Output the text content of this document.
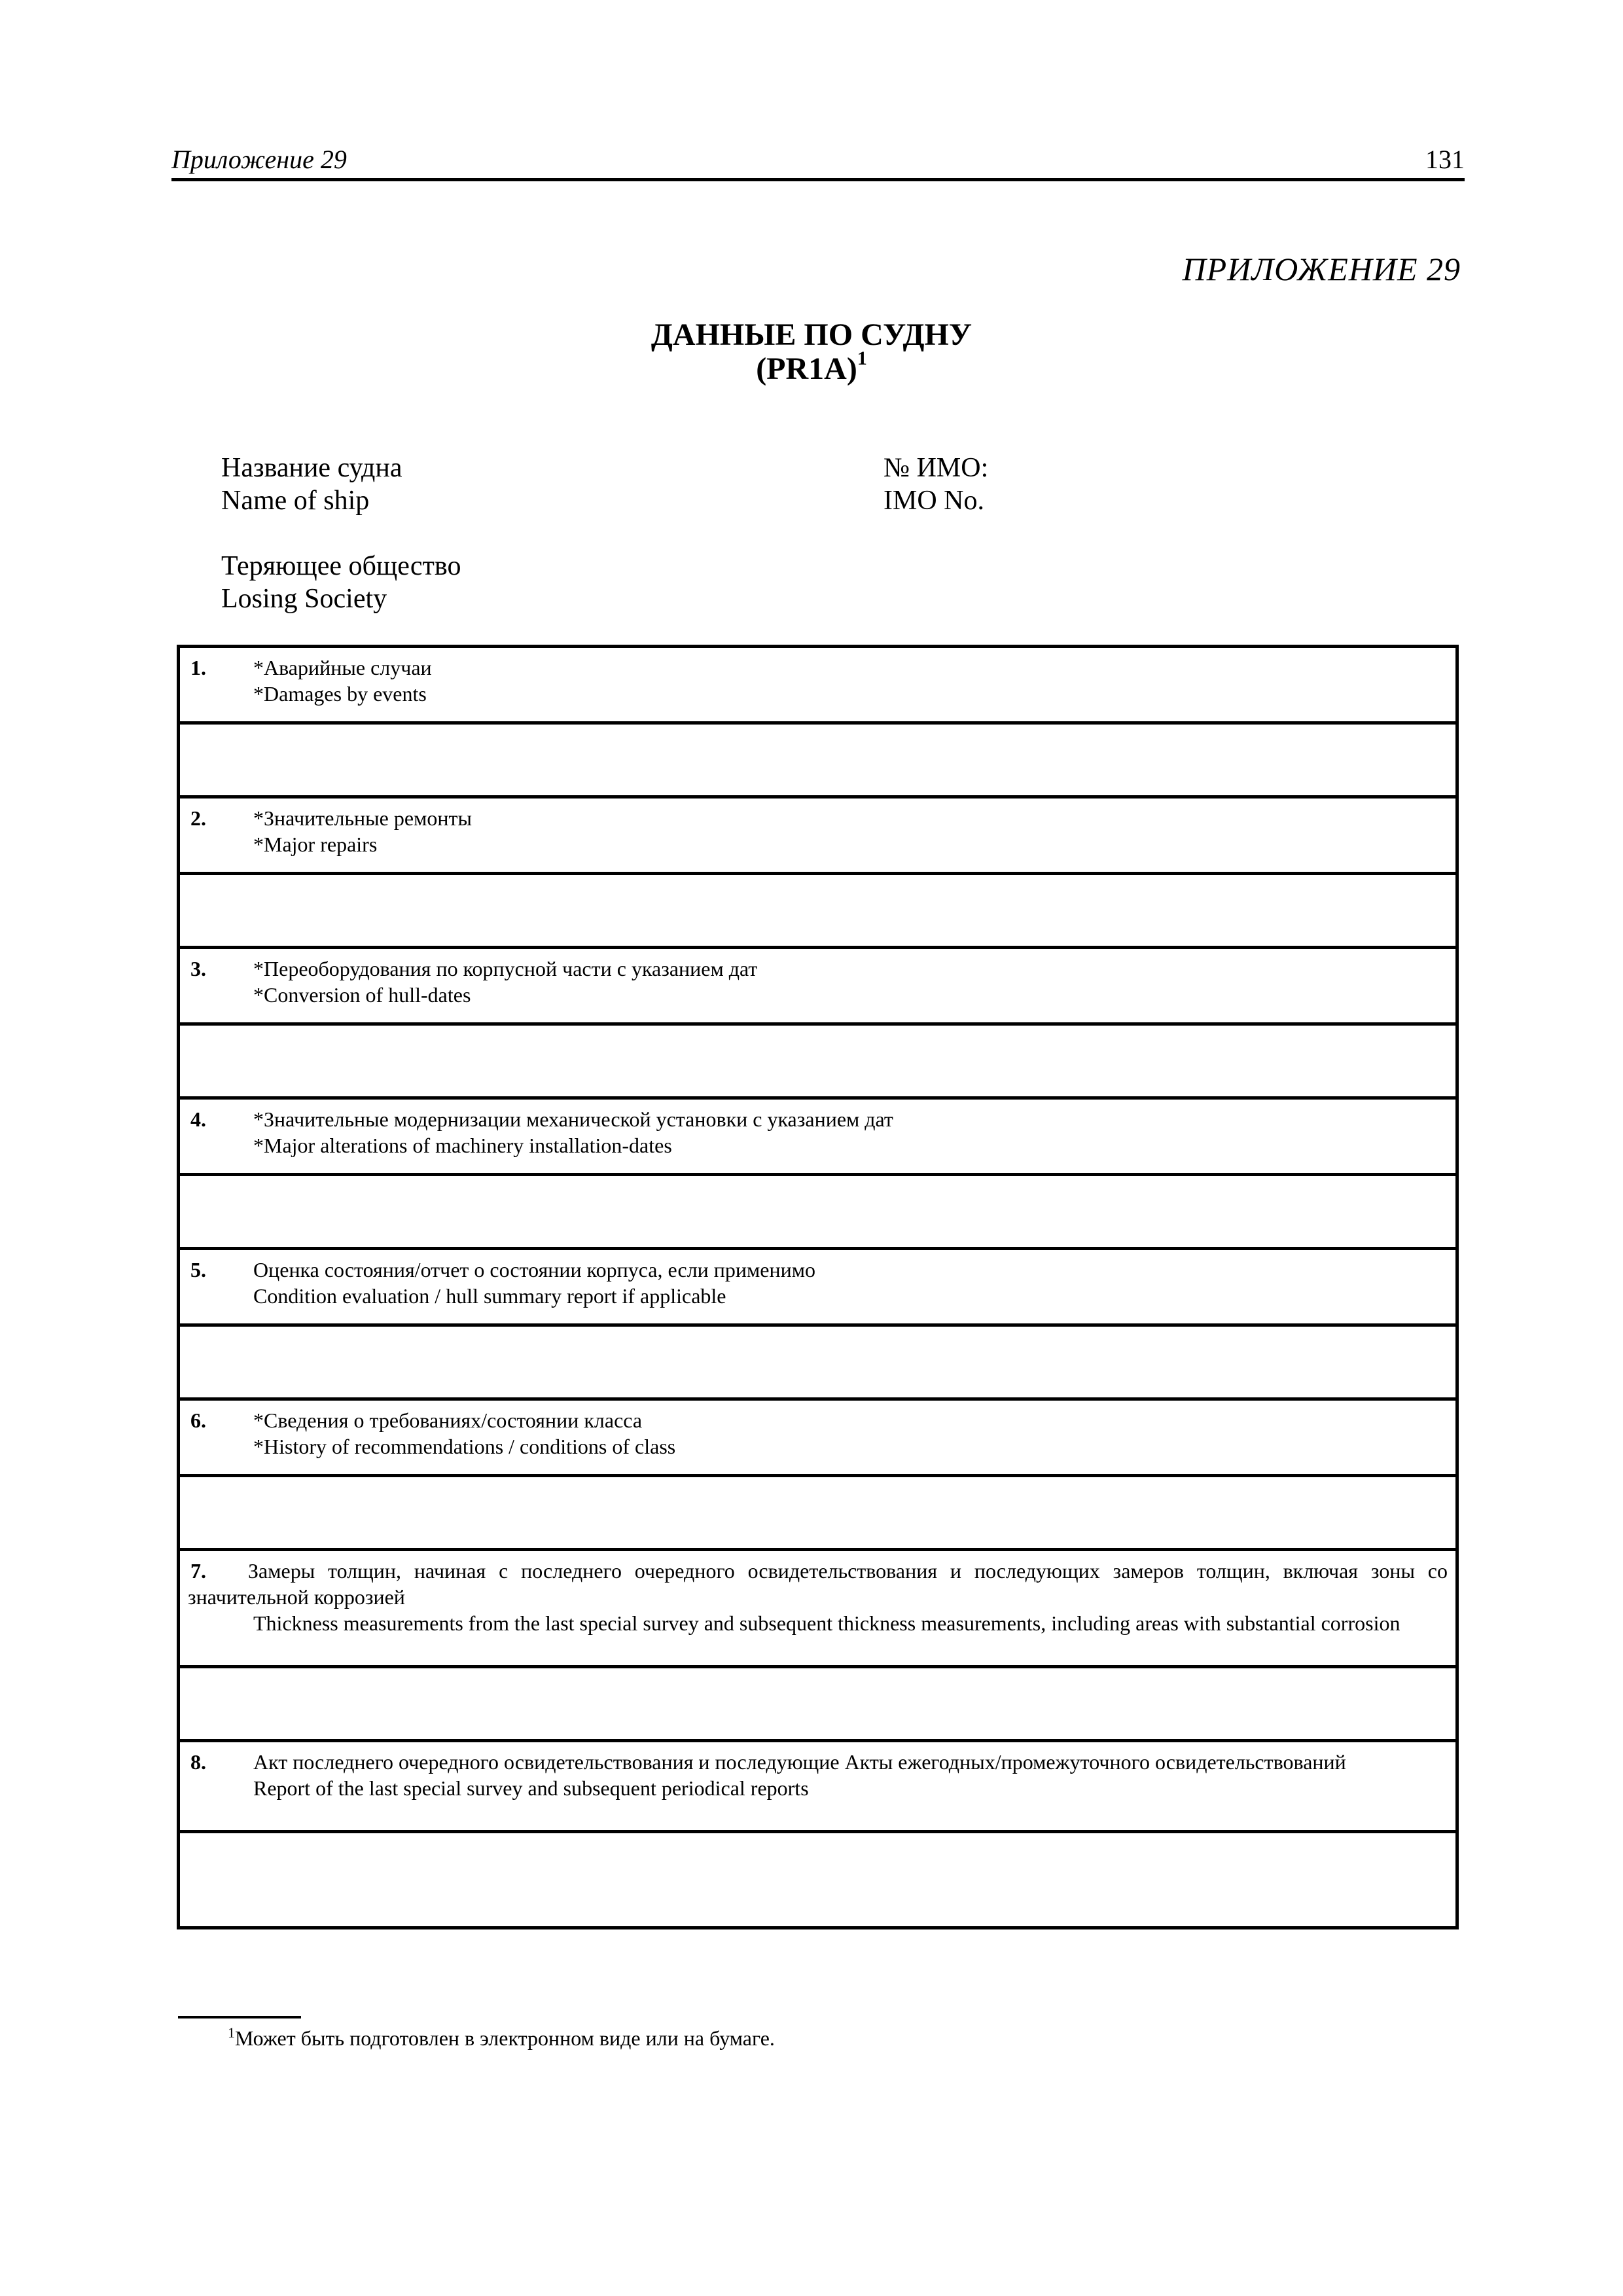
Приложение 29	131
ПРИЛОЖЕНИЕ 29
ДАННЫЕ ПО СУДНУ
$(PR1A)^1$
Название судна
Name of ship
№ ИМО:
IMO No.
Теряющее общество
Losing Society
1. *Аварийные случаи
*Damages by events

2. *Значительные ремонты
*Major repairs

3. *Переоборудования по корпусной части с указанием дат
*Conversion of hull-dates

4. *Значительные модернизации механической установки с указанием дат
*Major alterations of machinery installation-dates

5. Оценка состояния/отчет о состоянии корпуса, если применимо
Condition evaluation / hull summary report if applicable

6. *Сведения о требованиях/состоянии класса
*History of recommendations / conditions of class

7. Замеры толщин, начиная с последнего очередного освидетельствования и последующих замеров толщин, включая зоны со
значительной коррозией
Thickness measurements from the last special survey and subsequent thickness measurements, including areas with substantial corrosion

8. Акт последнего очередного освидетельствования и последующие Акты ежегодных/промежуточного освидетельствований
Report of the last special survey and subsequent periodical reports

$^1$Может быть подготовлен в электронном виде или на бумаге.
